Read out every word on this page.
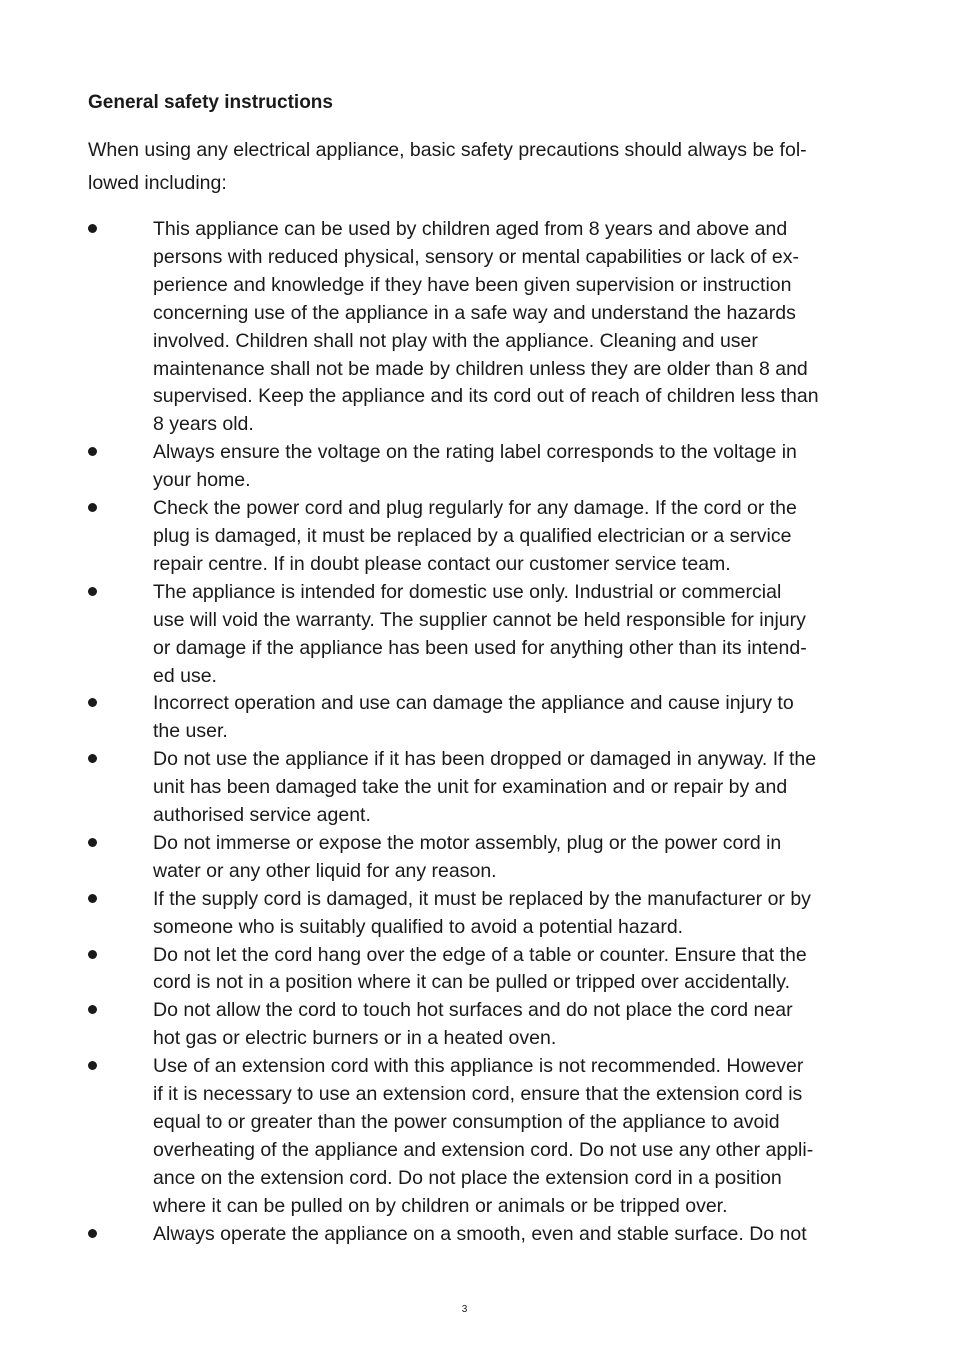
General safety instructions
When using any electrical appliance, basic safety precautions should always be fol-
lowed including:
This appliance can be used by children aged from 8 years and above and
persons with reduced physical, sensory or mental capabilities or lack of ex-
perience and knowledge if they have been given supervision or instruction
concerning use of the appliance in a safe way and understand the hazards
involved. Children shall not play with the appliance. Cleaning and user
maintenance shall not be made by children unless they are older than 8 and
supervised. Keep the appliance and its cord out of reach of children less than
8 years old.
Always ensure the voltage on the rating label corresponds to the voltage in
your home.
Check the power cord and plug regularly for any damage. If the cord or the
plug is damaged, it must be replaced by a qualified electrician or a service
repair centre. If in doubt please contact our customer service team.
The appliance is intended for domestic use only. Industrial or commercial
use will void the warranty. The supplier cannot be held responsible for injury
or damage if the appliance has been used for anything other than its intend-
ed use.
Incorrect operation and use can damage the appliance and cause injury to
the user.
Do not use the appliance if it has been dropped or damaged in anyway. If the
unit has been damaged take the unit for examination and or repair by and
authorised service agent.
Do not immerse or expose the motor assembly, plug or the power cord in
water or any other liquid for any reason.
If the supply cord is damaged, it must be replaced by the manufacturer or by
someone who is suitably qualified to avoid a potential hazard.
Do not let the cord hang over the edge of a table or counter. Ensure that the
cord is not in a position where it can be pulled or tripped over accidentally.
Do not allow the cord to touch hot surfaces and do not place the cord near
hot gas or electric burners or in a heated oven.
Use of an extension cord with this appliance is not recommended. However
if it is necessary to use an extension cord, ensure that the extension cord is
equal to or greater than the power consumption of the appliance to avoid
overheating of the appliance and extension cord. Do not use any other appli-
ance on the extension cord. Do not place the extension cord in a position
where it can be pulled on by children or animals or be tripped over.
Always operate the appliance on a smooth, even and stable surface. Do not
3
